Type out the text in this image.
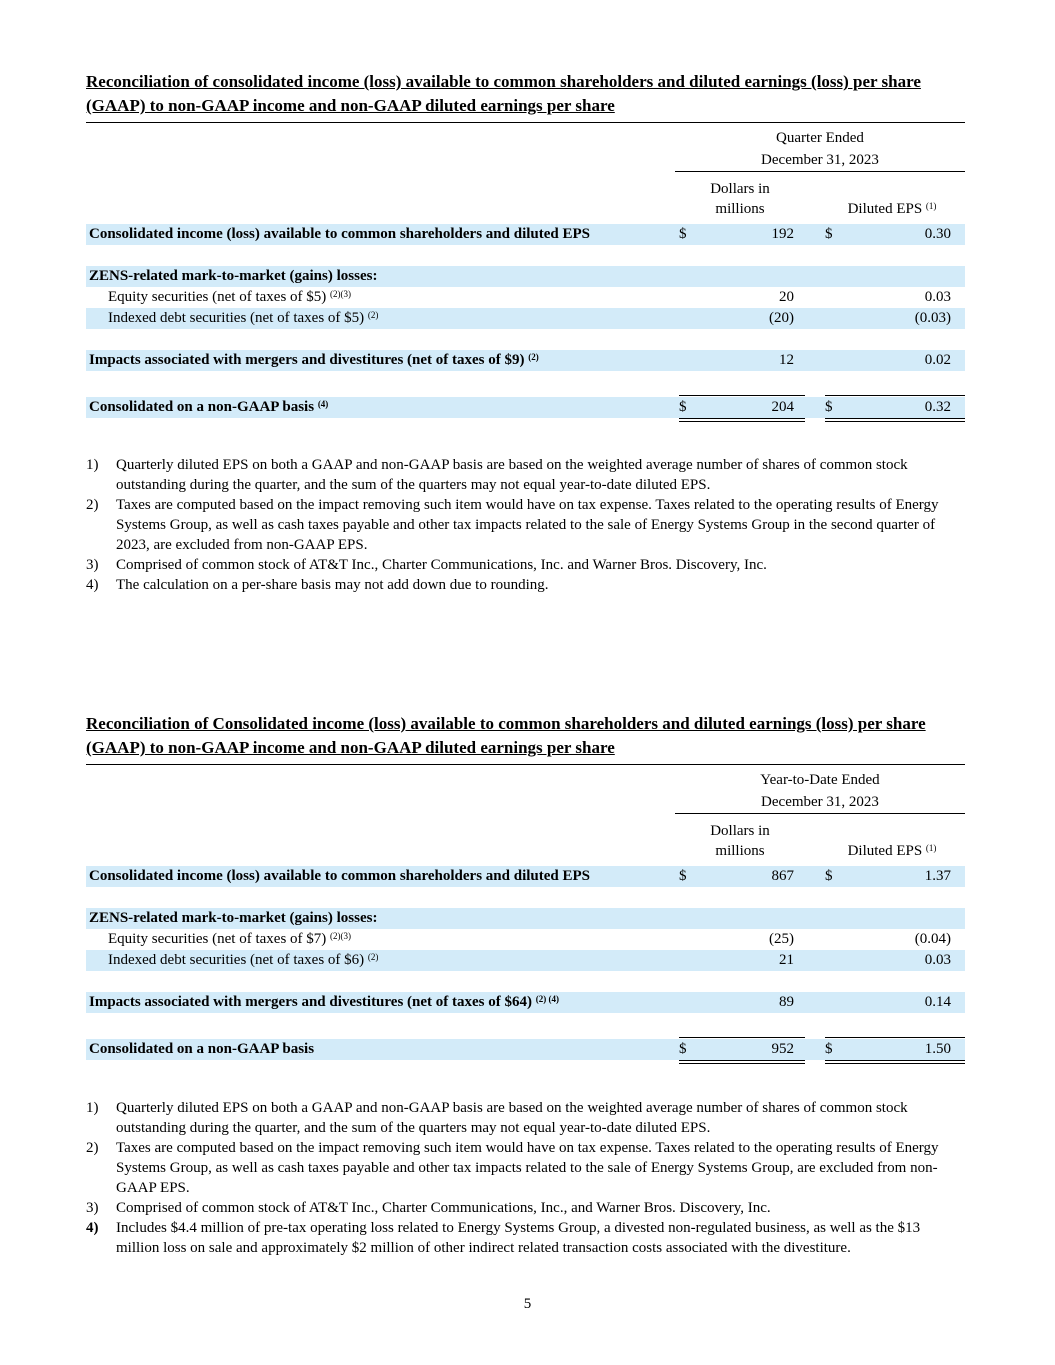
Reconciliation of consolidated income (loss) available to common shareholders and diluted earnings (loss) per share (GAAP) to non-GAAP income and non-GAAP diluted earnings per share

Quarter Ended
December 31, 2023
Dollars in
millions	Diluted EPS $^{(1)}$
Consolidated income (loss) available to common shareholders and diluted EPS	$	192 $	0.30
ZENS-related mark-to-market (gains) losses:
Equity securities (net of taxes of $5) $^{(2)(3)}$	20	0.03
Indexed debt securities (net of taxes of $5) $^{(2)}$	(20)	(0.03)
Impacts associated with mergers and divestitures (net of taxes of $9) $^{(2)}$	12	0.02
Consolidated on a non-GAAP basis $^{(4)}$	$	204 $	0.32
1) Quarterly diluted EPS on both a GAAP and non-GAAP basis are based on the weighted average number of shares of common stock outstanding during the quarter, and the sum of the quarters may not equal year-to-date diluted EPS.
2) Taxes are computed based on the impact removing such item would have on tax expense. Taxes related to the operating results of Energy Systems Group, as well as cash taxes payable and other tax impacts related to the sale of Energy Systems Group in the second quarter of 2023, are excluded from non-GAAP EPS.
3) Comprised of common stock of AT&T Inc., Charter Communications, Inc. and Warner Bros. Discovery, Inc.
4) The calculation on a per-share basis may not add down due to rounding.

Reconciliation of Consolidated income (loss) available to common shareholders and diluted earnings (loss) per share (GAAP) to non-GAAP income and non-GAAP diluted earnings per share

Year-to-Date Ended
December 31, 2023
Dollars in
millions	Diluted EPS $^{(1)}$
Consolidated income (loss) available to common shareholders and diluted EPS	$	867 $	1.37
ZENS-related mark-to-market (gains) losses:
Equity securities (net of taxes of $7) $^{(2)(3)}$	(25)	(0.04)
Indexed debt securities (net of taxes of $6) $^{(2)}$	21	0.03
Impacts associated with mergers and divestitures (net of taxes of $64) $^{(2) (4)}$	89	0.14
Consolidated on a non-GAAP basis	$	952 $	1.50
1) Quarterly diluted EPS on both a GAAP and non-GAAP basis are based on the weighted average number of shares of common stock outstanding during the quarter, and the sum of the quarters may not equal year-to-date diluted EPS.
2) Taxes are computed based on the impact removing such item would have on tax expense. Taxes related to the operating results of Energy Systems Group, as well as cash taxes payable and other tax impacts related to the sale of Energy Systems Group, are excluded from non-GAAP EPS.
3) Comprised of common stock of AT&T Inc., Charter Communications, Inc., and Warner Bros. Discovery, Inc.
4) Includes $4.4 million of pre-tax operating loss related to Energy Systems Group, a divested non-regulated business, as well as the $13 million loss on sale and approximately $2 million of other indirect related transaction costs associated with the divestiture.
5
